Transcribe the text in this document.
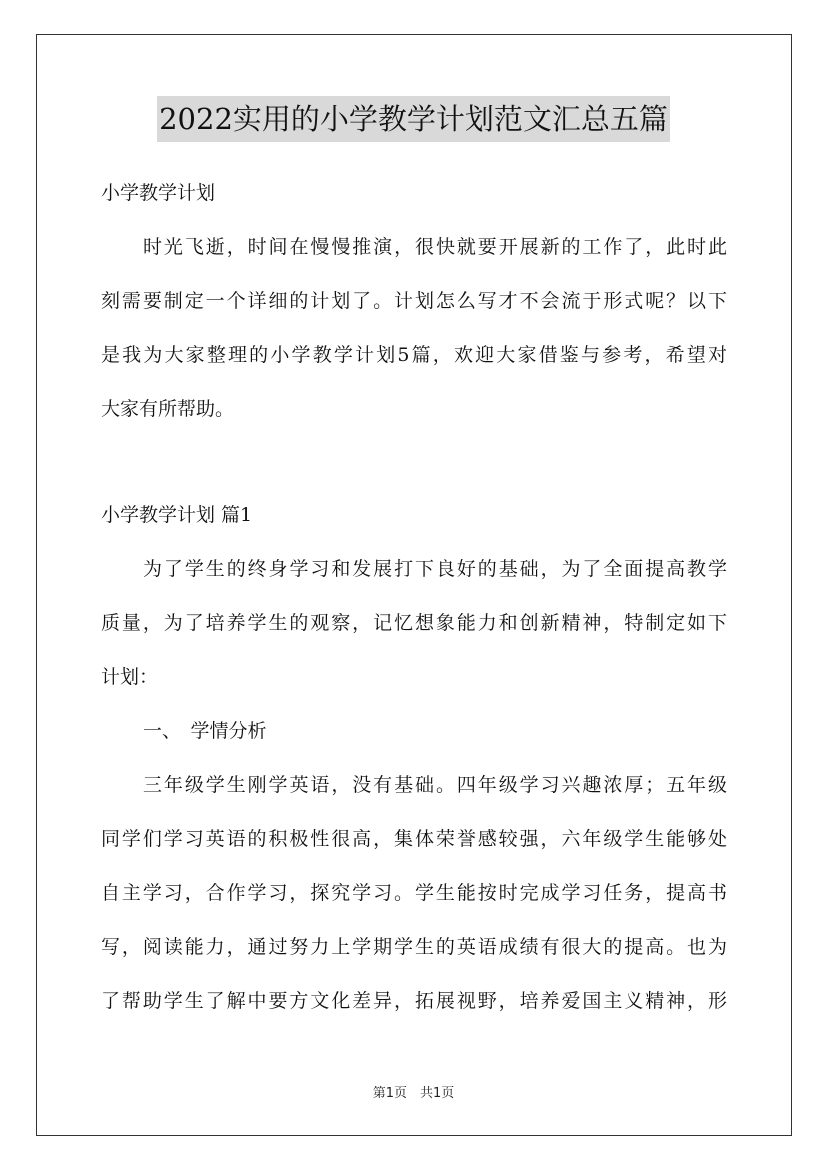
2022实用的小学教学计划范文汇总五篇
小学教学计划
时光飞逝，时间在慢慢推演，很快就要开展新的工作了，此时此
刻需要制定一个详细的计划了。计划怎么写才不会流于形式呢？以下
是我为大家整理的小学教学计划5篇，欢迎大家借鉴与参考，希望对
大家有所帮助。
小学教学计划 篇1
为了学生的终身学习和发展打下良好的基础，为了全面提高教学
质量，为了培养学生的观察，记忆想象能力和创新精神，特制定如下
计划：
一、　学情分析
三年级学生刚学英语，没有基础。四年级学习兴趣浓厚；五年级
同学们学习英语的积极性很高，集体荣誉感较强，六年级学生能够处
自主学习，合作学习，探究学习。学生能按时完成学习任务，提高书
写，阅读能力，通过努力上学期学生的英语成绩有很大的提高。也为
了帮助学生了解中要方文化差异，拓展视野，培养爱国主义精神，形
第1页　共1页
